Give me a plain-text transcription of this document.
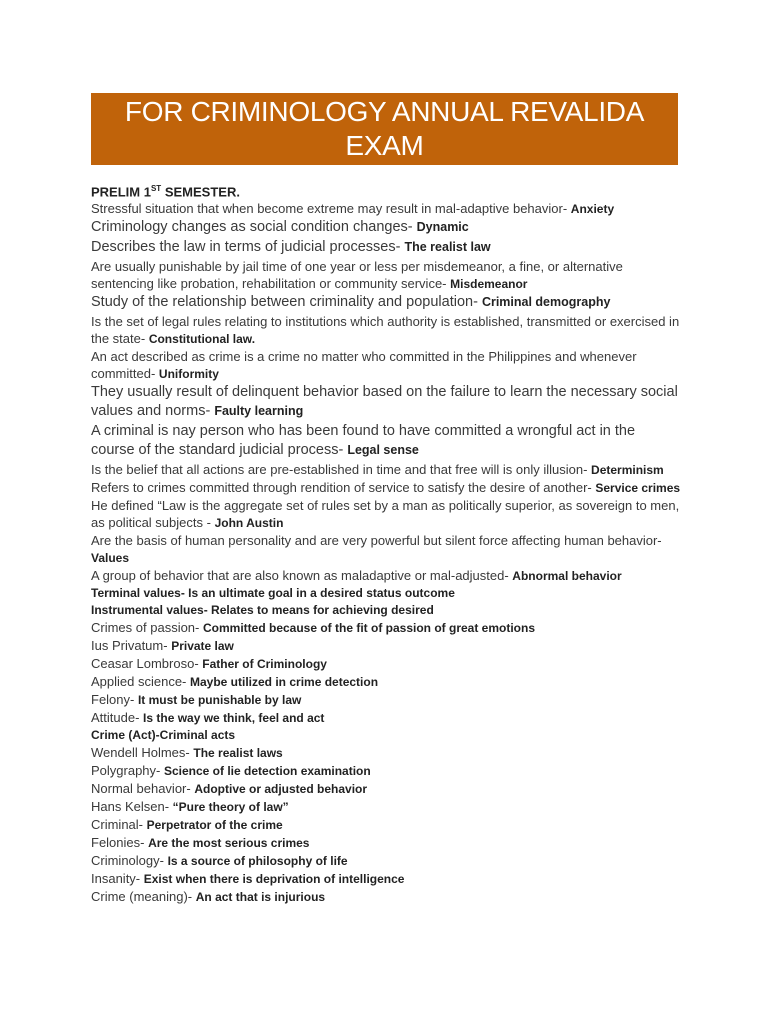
FOR CRIMINOLOGY ANNUAL REVALIDA EXAM
PRELIM 1ST SEMESTER.

Stressful situation that when become extreme may result in mal-adaptive behavior- Anxiety

Criminology changes as social condition changes- Dynamic

Describes the law in terms of judicial processes- The realist law

Are usually punishable by jail time of one year or less per misdemeanor, a fine, or alternative sentencing like probation, rehabilitation or community service- Misdemeanor

Study of the relationship between criminality and population- Criminal demography

Is the set of legal rules relating to institutions which authority is established, transmitted or exercised in the state- Constitutional law.

An act described as crime is a crime no matter who committed in the Philippines and whenever committed- Uniformity

They usually result of delinquent behavior based on the failure to learn the necessary social values and norms- Faulty learning

A criminal is nay person who has been found to have committed a wrongful act in the course of the standard judicial process- Legal sense

Is the belief that all actions are pre-established in time and that free will is only illusion- Determinism

Refers to crimes committed through rendition of service to satisfy the desire of another- Service crimes

He defined “Law is the aggregate set of rules set by a man as politically superior, as sovereign to men, as political subjects - John Austin

Are the basis of human personality and are very powerful but silent force affecting human behavior- Values

A group of behavior that are also known as maladaptive or mal-adjusted- Abnormal behavior

Terminal values- Is an ultimate goal in a desired status outcome

Instrumental values- Relates to means for achieving desired

Crimes of passion- Committed because of the fit of passion of great emotions

Ius Privatum- Private law

Ceasar Lombroso- Father of Criminology

Applied science- Maybe utilized in crime detection

Felony- It must be punishable by law

Attitude- Is the way we think, feel and act

Crime (Act)-Criminal acts

Wendell Holmes- The realist laws

Polygraphy- Science of lie detection examination

Normal behavior- Adoptive or adjusted behavior

Hans Kelsen- “Pure theory of law”

Criminal- Perpetrator of the crime

Felonies- Are the most serious crimes

Criminology- Is a source of philosophy of life

Insanity- Exist when there is deprivation of intelligence

Crime (meaning)- An act that is injurious
